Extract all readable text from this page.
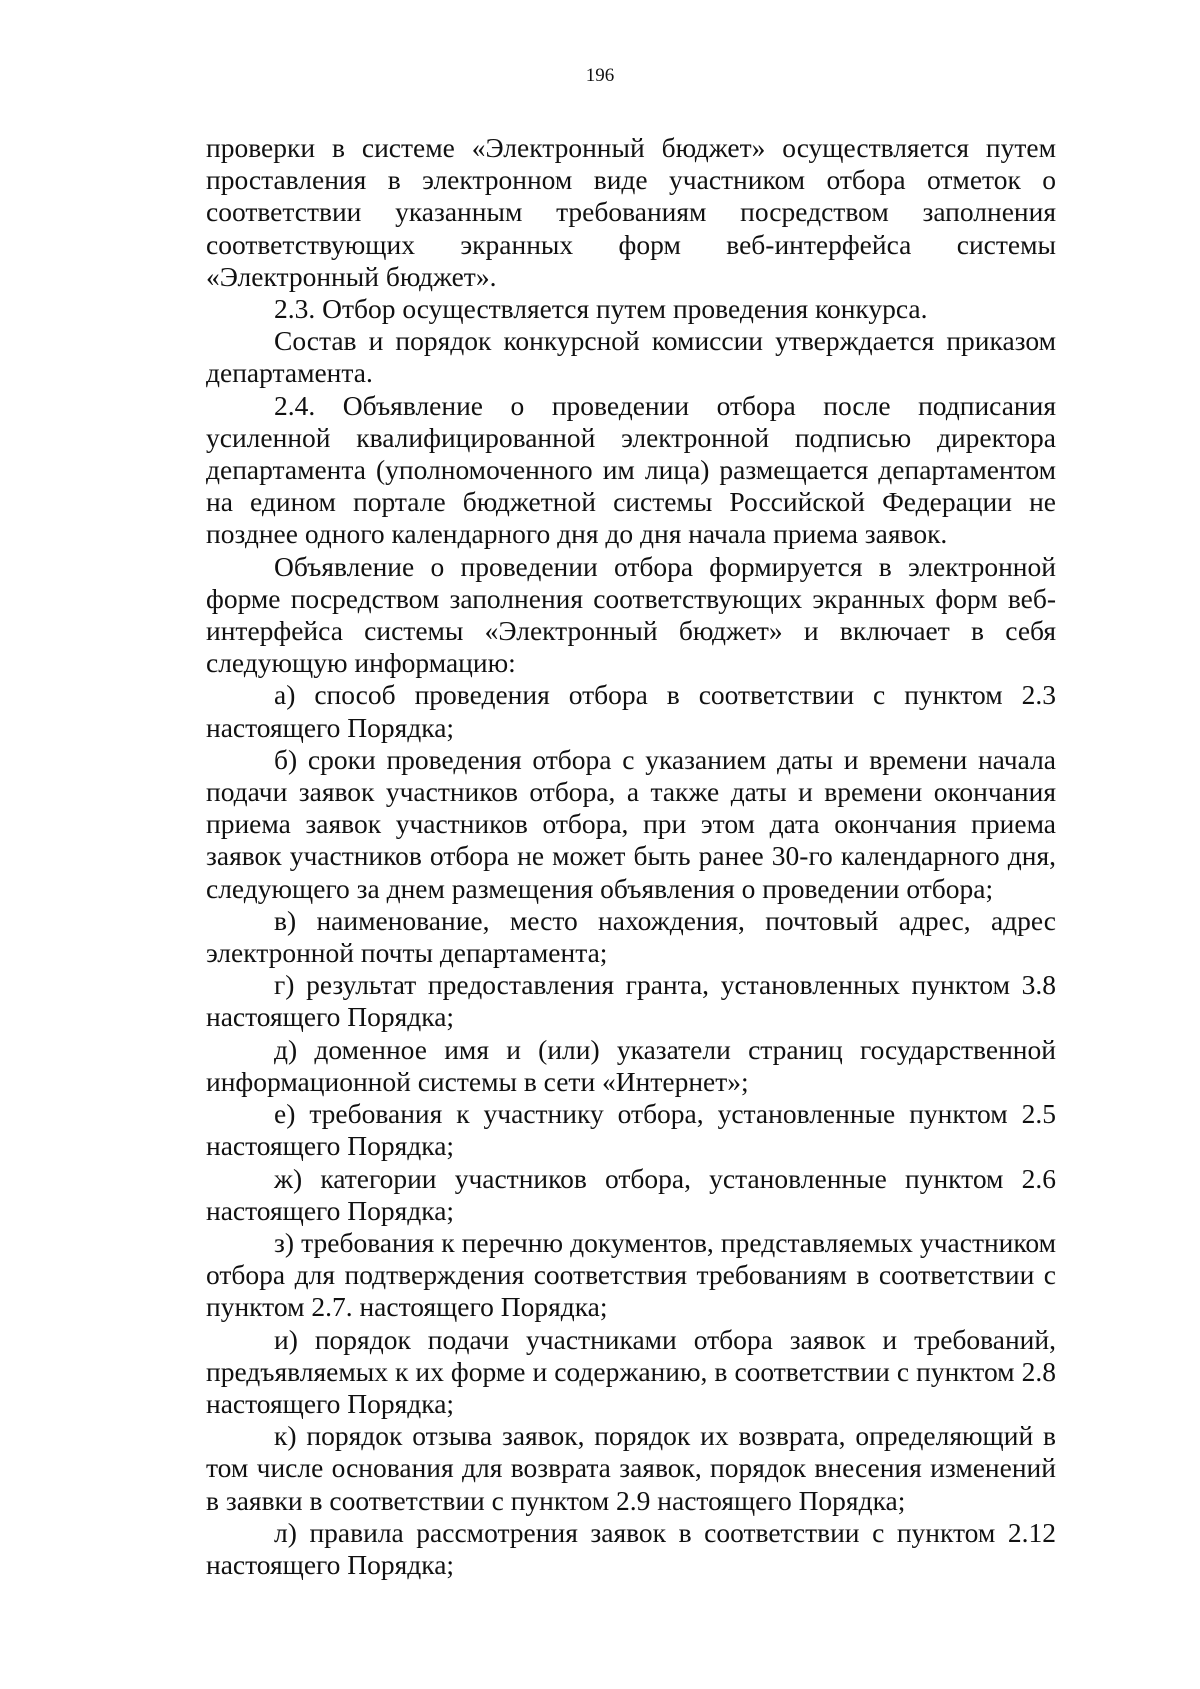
196

проверки в системе «Электронный бюджет» осуществляется путем проставления в электронном виде участником отбора отметок о соответствии указанным требованиям посредством заполнения соответствующих экранных форм веб-интерфейса системы «Электронный бюджет».

2.3. Отбор осуществляется путем проведения конкурса.

Состав и порядок конкурсной комиссии утверждается приказом департамента.

2.4. Объявление о проведении отбора после подписания усиленной квалифицированной электронной подписью директора департамента (уполномоченного им лица) размещается департаментом на едином портале бюджетной системы Российской Федерации не позднее одного календарного дня до дня начала приема заявок.

Объявление о проведении отбора формируется в электронной форме посредством заполнения соответствующих экранных форм веб-интерфейса системы «Электронный бюджет» и включает в себя следующую информацию:

а) способ проведения отбора в соответствии с пунктом 2.3 настоящего Порядка;

б) сроки проведения отбора с указанием даты и времени начала подачи заявок участников отбора, а также даты и времени окончания приема заявок участников отбора, при этом дата окончания приема заявок участников отбора не может быть ранее 30-го календарного дня, следующего за днем размещения объявления о проведении отбора;

в) наименование, место нахождения, почтовый адрес, адрес электронной почты департамента;

г) результат предоставления гранта, установленных пунктом 3.8 настоящего Порядка;

д) доменное имя и (или) указатели страниц государственной информационной системы в сети «Интернет»;

е) требования к участнику отбора, установленные пунктом 2.5 настоящего Порядка;

ж) категории участников отбора, установленные пунктом 2.6 настоящего Порядка;

з) требования к перечню документов, представляемых участником отбора для подтверждения соответствия требованиям в соответствии с пунктом 2.7. настоящего Порядка;

и) порядок подачи участниками отбора заявок и требований, предъявляемых к их форме и содержанию, в соответствии с пунктом 2.8 настоящего Порядка;

к) порядок отзыва заявок, порядок их возврата, определяющий в том числе основания для возврата заявок, порядок внесения изменений в заявки в соответствии с пунктом 2.9 настоящего Порядка;

л) правила рассмотрения заявок в соответствии с пунктом 2.12 настоящего Порядка;
